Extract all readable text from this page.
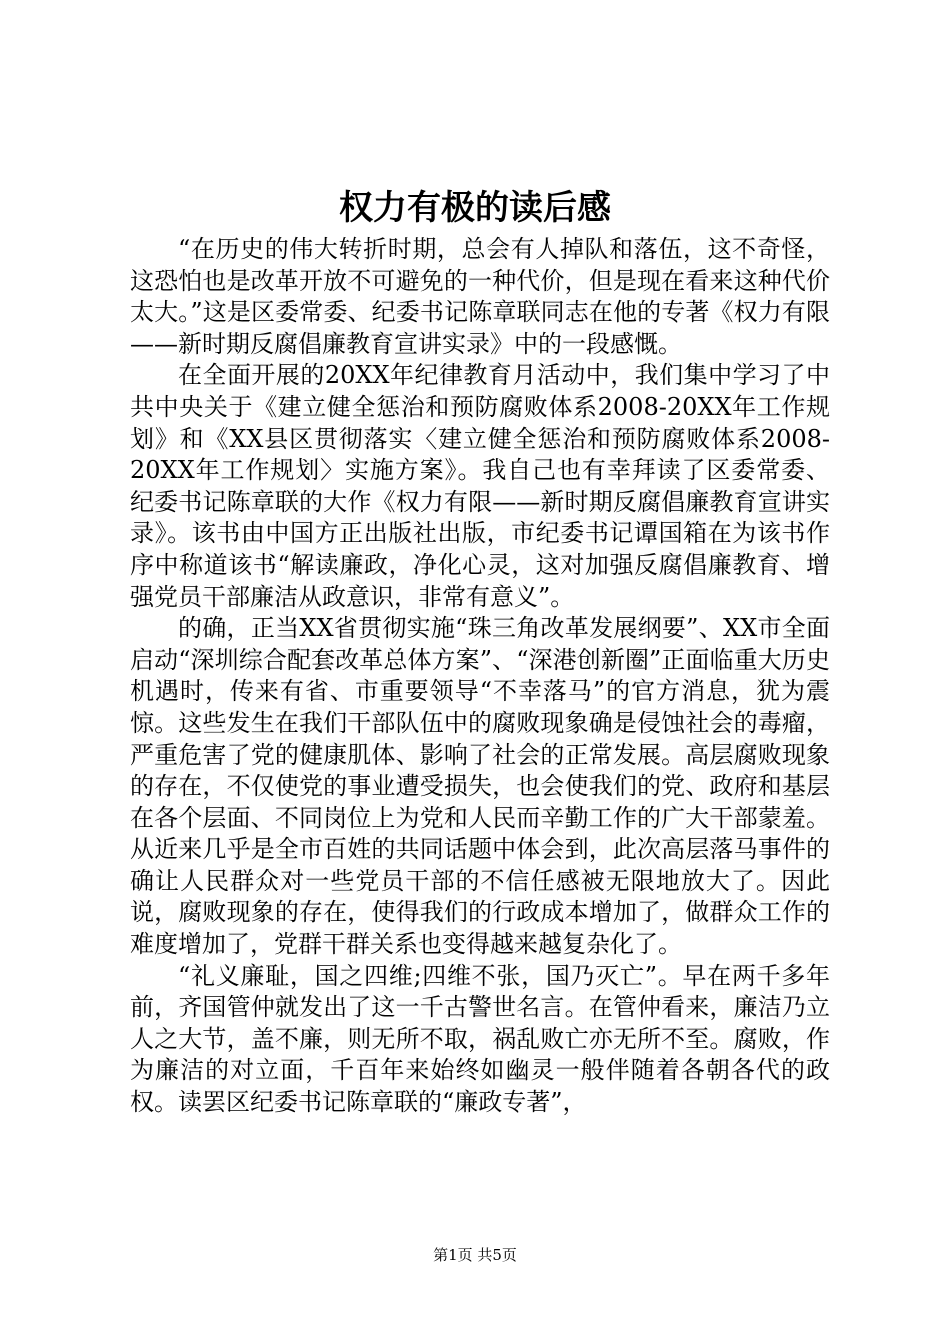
权力有极的读后感

“在历史的伟大转折时期，总会有人掉队和落伍，这不奇怪，这恐怕也是改革开放不可避免的一种代价，但是现在看来这种代价太大。”这是区委常委、纪委书记陈章联同志在他的专著《权力有限——新时期反腐倡廉教育宣讲实录》中的一段感慨。

在全面开展的20XX年纪律教育月活动中，我们集中学习了中共中央关于《建立健全惩治和预防腐败体系2008-20XX年工作规划》和《XX县区贯彻落实〈建立健全惩治和预防腐败体系2008-20XX年工作规划〉实施方案》。我自己也有幸拜读了区委常委、纪委书记陈章联的大作《权力有限——新时期反腐倡廉教育宣讲实录》。该书由中国方正出版社出版，市纪委书记谭国箱在为该书作序中称道该书“解读廉政，净化心灵，这对加强反腐倡廉教育、增强党员干部廉洁从政意识，非常有意义”。

的确，正当XX省贯彻实施“珠三角改革发展纲要”、XX市全面启动“深圳综合配套改革总体方案”、“深港创新圈”正面临重大历史机遇时，传来有省、市重要领导“不幸落马”的官方消息，犹为震惊。这些发生在我们干部队伍中的腐败现象确是侵蚀社会的毒瘤，严重危害了党的健康肌体、影响了社会的正常发展。高层腐败现象的存在，不仅使党的事业遭受损失，也会使我们的党、政府和基层在各个层面、不同岗位上为党和人民而辛勤工作的广大干部蒙羞。从近来几乎是全市百姓的共同话题中体会到，此次高层落马事件的确让人民群众对一些党员干部的不信任感被无限地放大了。因此说，腐败现象的存在，使得我们的行政成本增加了，做群众工作的难度增加了，党群干群关系也变得越来越复杂化了。

“礼义廉耻，国之四维;四维不张，国乃灭亡”。早在两千多年前，齐国管仲就发出了这一千古警世名言。在管仲看来，廉洁乃立人之大节，盖不廉，则无所不取，祸乱败亡亦无所不至。腐败，作为廉洁的对立面，千百年来始终如幽灵一般伴随着各朝各代的政权。读罢区纪委书记陈章联的“廉政专著”，

第1页 共5页
